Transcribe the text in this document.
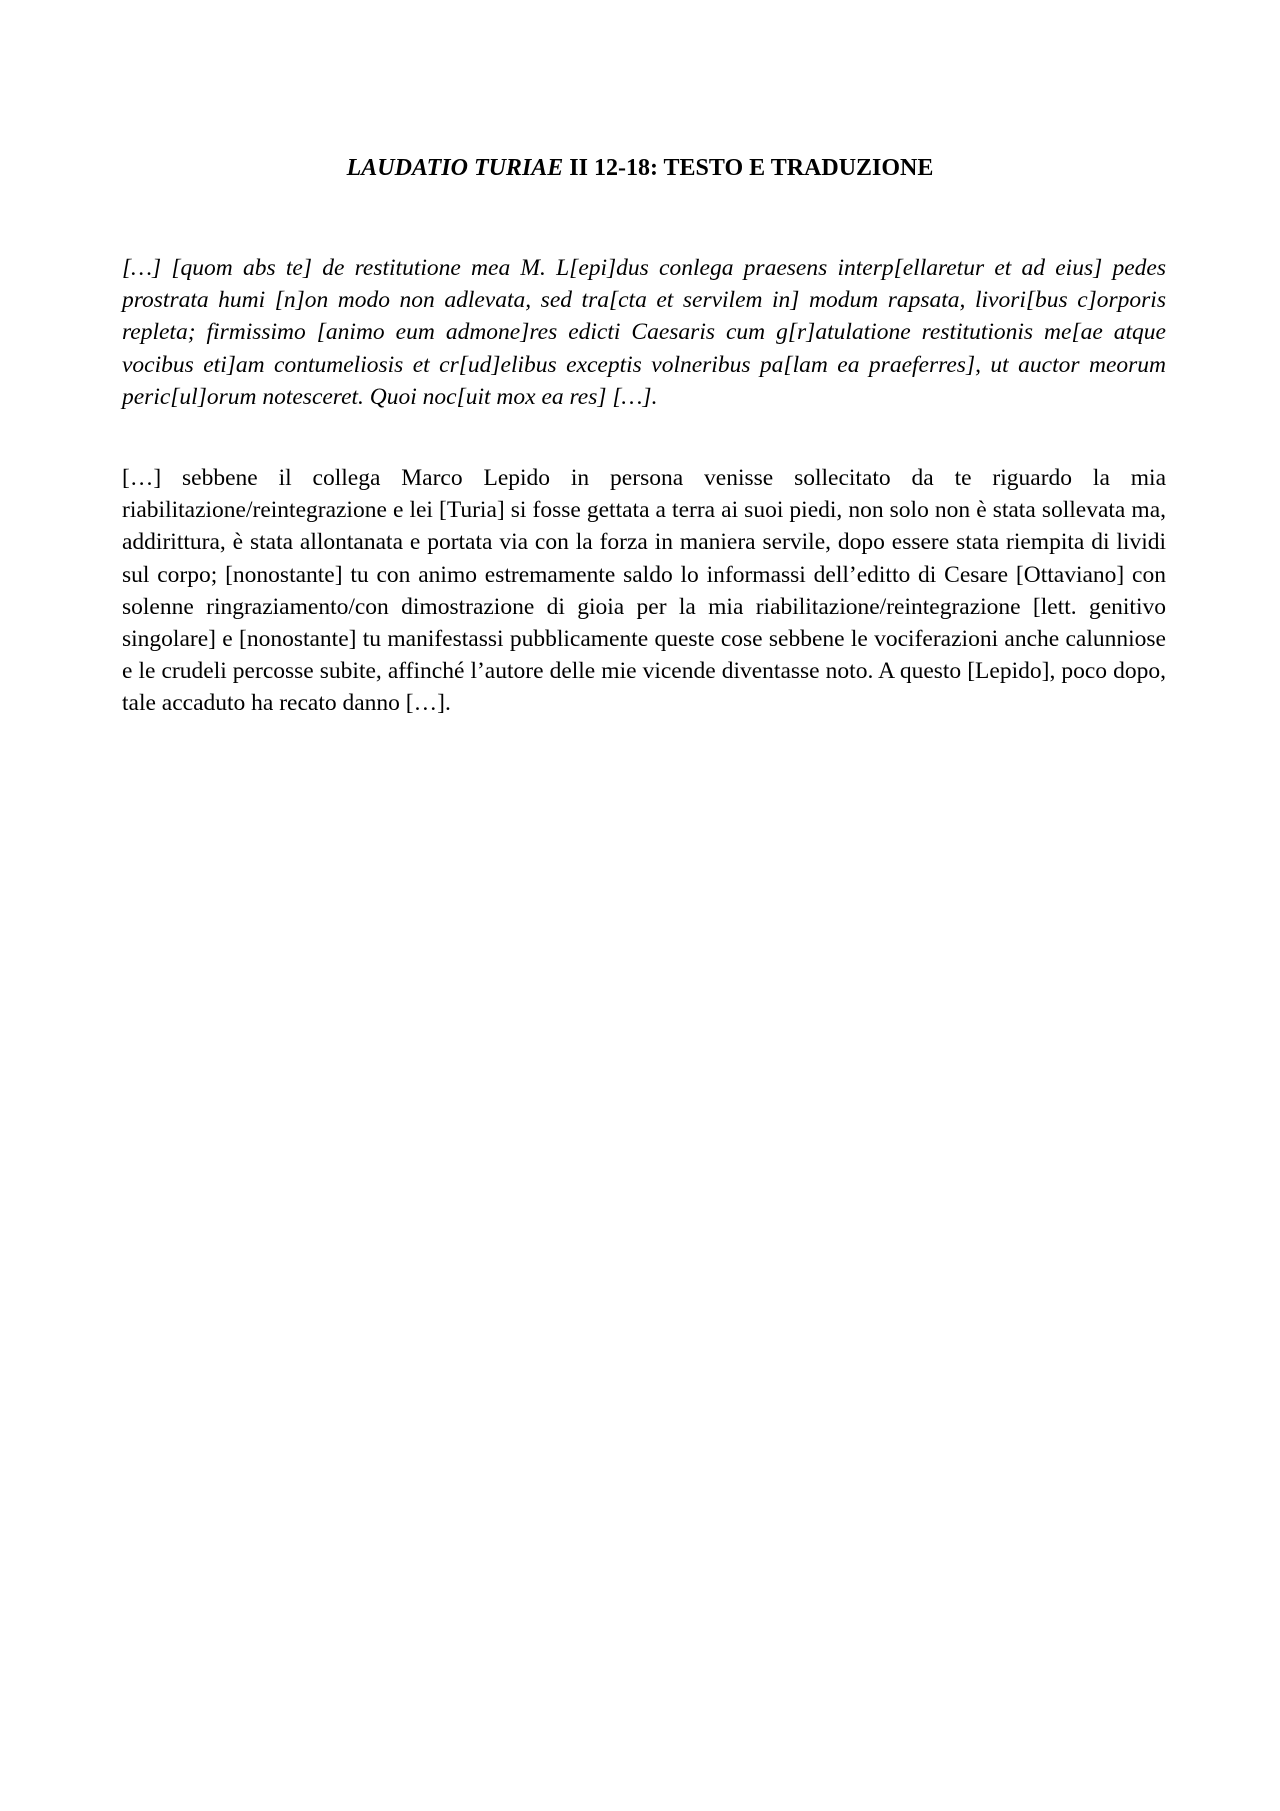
LAUDATIO TURIAE II 12-18: TESTO E TRADUZIONE

[…] [quom abs te] de restitutione mea M. L[epi]dus conlega praesens interp[ellaretur et ad eius] pedes prostrata humi [n]on modo non adlevata, sed tra[cta et servilem in] modum rapsata, livori[bus c]orporis repleta; firmissimo [animo eum admone]res edicti Caesaris cum g[r]atulatione restitutionis me[ae atque vocibus eti]am contumeliosis et cr[ud]elibus exceptis volneribus pa[lam ea praeferres], ut auctor meorum peric[ul]orum notesceret. Quoi noc[uit mox ea res] […].

[…] sebbene il collega Marco Lepido in persona venisse sollecitato da te riguardo la mia riabilitazione/reintegrazione e lei [Turia] si fosse gettata a terra ai suoi piedi, non solo non è stata sollevata ma, addirittura, è stata allontanata e portata via con la forza in maniera servile, dopo essere stata riempita di lividi sul corpo; [nonostante] tu con animo estremamente saldo lo informassi dell’editto di Cesare [Ottaviano] con solenne ringraziamento/con dimostrazione di gioia per la mia riabilitazione/reintegrazione [lett. genitivo singolare] e [nonostante] tu manifestassi pubblicamente queste cose sebbene le vociferazioni anche calunniose e le crudeli percosse subite, affinché l’autore delle mie vicende diventasse noto. A questo [Lepido], poco dopo, tale accaduto ha recato danno […].
